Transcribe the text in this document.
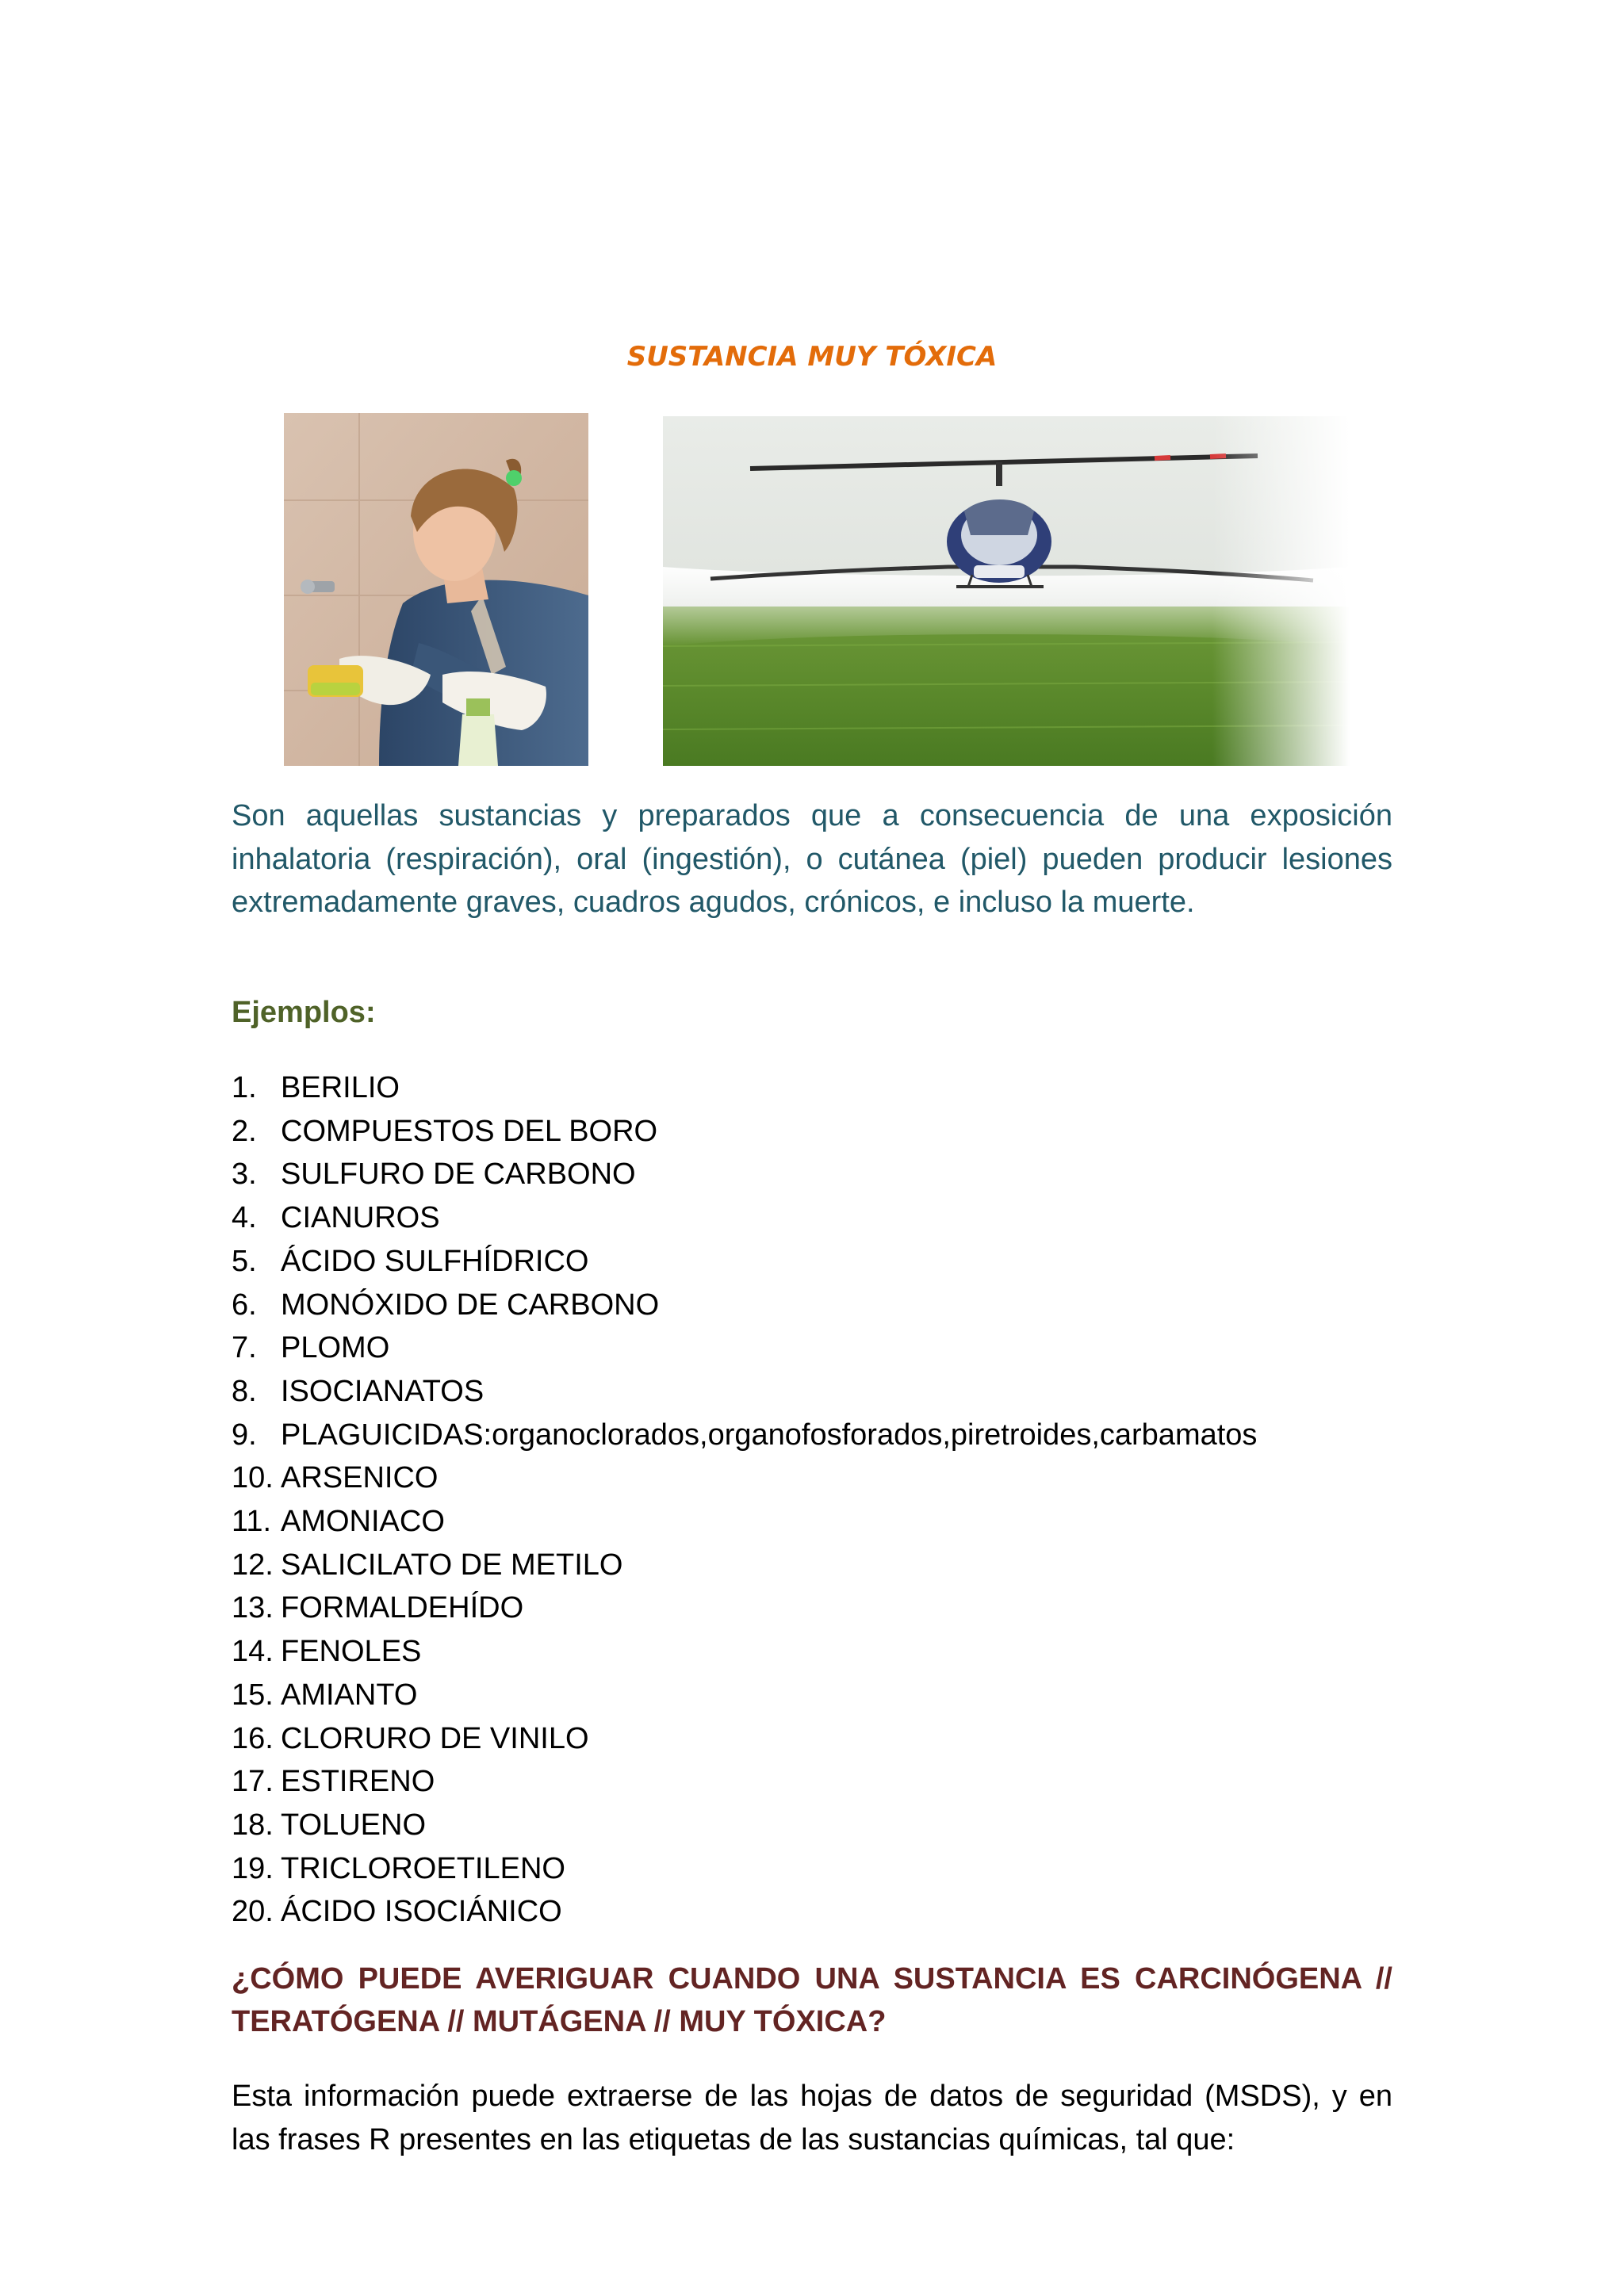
SUSTANCIA MUY TÓXICA

Son aquellas sustancias y preparados que a consecuencia de una exposición inhalatoria (respiración), oral (ingestión), o cutánea (piel) pueden producir lesiones extremadamente graves, cuadros agudos, crónicos, e incluso la muerte.

Ejemplos:

1. BERILIO
2. COMPUESTOS DEL BORO
3. SULFURO DE CARBONO
4. CIANUROS
5. ÁCIDO SULFHÍDRICO
6. MONÓXIDO DE CARBONO
7. PLOMO
8. ISOCIANATOS
9. PLAGUICIDAS:organoclorados,organofosforados,piretroides,carbamatos
10. ARSENICO
11. AMONIACO
12. SALICILATO DE METILO
13. FORMALDEHÍDO
14. FENOLES
15. AMIANTO
16. CLORURO DE VINILO
17. ESTIRENO
18. TOLUENO
19. TRICLOROETILENO
20. ÁCIDO ISOCIÁNICO
¿CÓMO PUEDE AVERIGUAR CUANDO UNA SUSTANCIA ES CARCINÓGENA // TERATÓGENA // MUTÁGENA // MUY TÓXICA?

Esta información puede extraerse de las hojas de datos de seguridad (MSDS), y en las frases R presentes en las etiquetas de las sustancias químicas, tal que:
